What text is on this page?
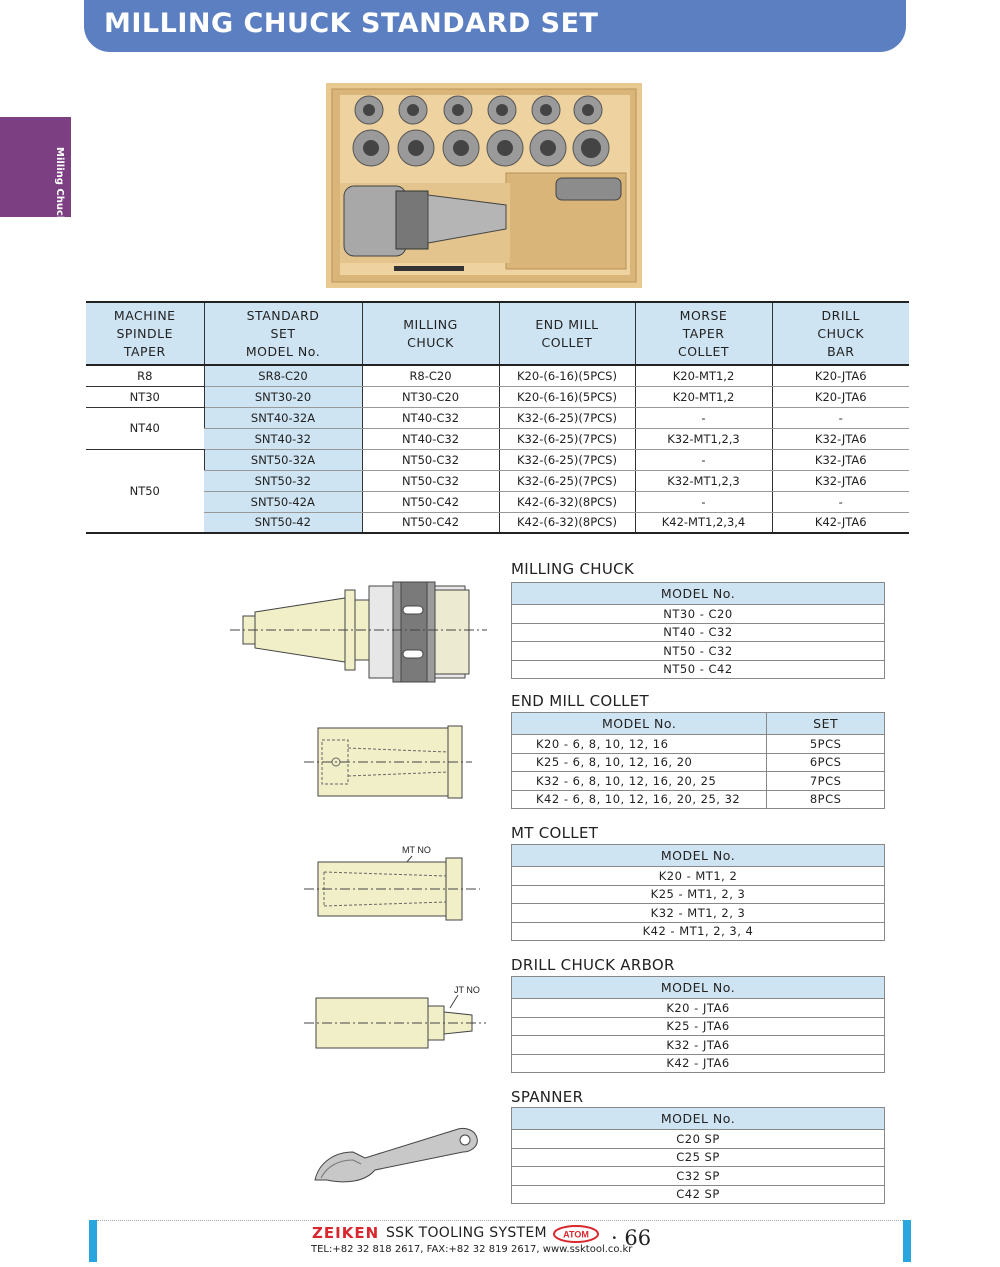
MILLING CHUCK STANDARD SET
Milling Chuck
MACHINE SPINDLE TAPER	STANDARD SET MODEL No.	MILLING CHUCK	END MILL COLLET	MORSE TAPER COLLET	DRILL CHUCK BAR
R8	SR8-C20	R8-C20	K20-(6-16)(5PCS)	K20-MT1,2	K20-JTA6
NT30	SNT30-20	NT30-C20	K20-(6-16)(5PCS)	K20-MT1,2	K20-JTA6
NT40	SNT40-32A	NT40-C32	K32-(6-25)(7PCS)	-	-
	SNT40-32	NT40-C32	K32-(6-25)(7PCS)	K32-MT1,2,3	K32-JTA6
NT50	SNT50-32A	NT50-C32	K32-(6-25)(7PCS)	-	K32-JTA6
	SNT50-32	NT50-C32	K32-(6-25)(7PCS)	K32-MT1,2,3	K32-JTA6
	SNT50-42A	NT50-C42	K42-(6-32)(8PCS)	-	-
	SNT50-42	NT50-C42	K42-(6-32)(8PCS)	K42-MT1,2,3,4	K42-JTA6
MILLING CHUCK
MODEL No.
NT30 - C20
NT40 - C32
NT50 - C32
NT50 - C42
END MILL COLLET
MODEL No.	SET
K20 - 6, 8, 10, 12, 16	5PCS
K25 - 6, 8, 10, 12, 16, 20	6PCS
K32 - 6, 8, 10, 12, 16, 20, 25	7PCS
K42 - 6, 8, 10, 12, 16, 20, 25, 32	8PCS
MT COLLET
MODEL No.
K20 - MT1, 2
K25 - MT1, 2, 3
K32 - MT1, 2, 3
K42 - MT1, 2, 3, 4
MT NO
DRILL CHUCK ARBOR
MODEL No.
K20 - JTA6
K25 - JTA6
K32 - JTA6
K42 - JTA6
JT NO
SPANNER
MODEL No.
C20 SP
C25 SP
C32 SP
C42 SP
ZEIKEN SSK TOOLING SYSTEM ATOM · 66
TEL:+82 32 818 2617, FAX:+82 32 819 2617, www.ssktool.co.kr
